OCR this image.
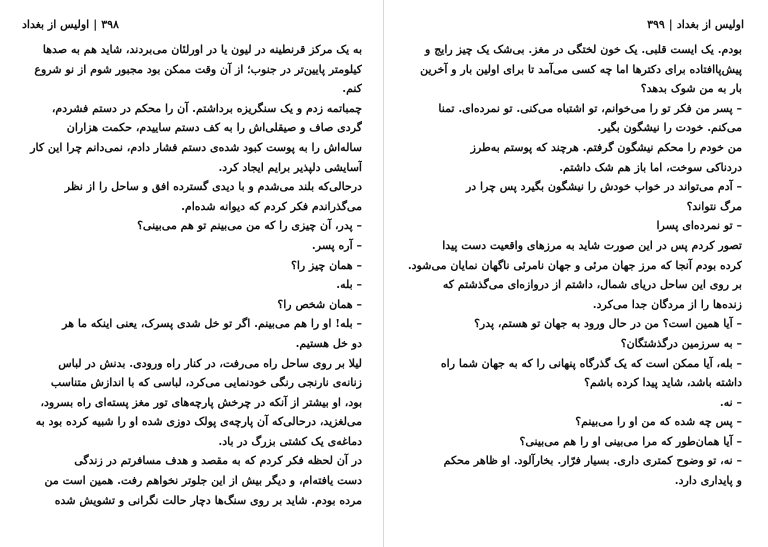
۳۹۸
|
اولیس از بغداد
به یک مرکز قرنطینه در لیون یا در اورلئان می‌بردند، شاید هم به صدها
کیلومتر پایین‌تر در جنوب؛ از آن وقت ممکن بود مجبور شوم از نو شروع
کنم.
چمباتمه زدم و یک سنگریزه برداشتم. آن را محکم در دستم فشردم،
گردی صاف و صیقلی‌اش را به کف دستم ساییدم، حکمت هزاران
ساله‌اش را به پوست کبود شده‌ی دستم فشار دادم، نمی‌دانم چرا این کار
آسایشی دلپذیر برایم ایجاد کرد.
درحالی‌که بلند می‌شدم و با دیدی گسترده افق و ساحل را از نظر
می‌گذراندم فکر کردم که دیوانه شده‌ام.
– پدر، آن چیزی را که من می‌بینم تو هم می‌بینی؟
– آره پسر.
– همان چیز را؟
– بله.
– همان شخص را؟
– بله! او را هم می‌بینم. اگر تو خل شدی پسرک، یعنی اینکه ما هر
دو خل هستیم.
لیلا بر روی ساحل راه می‌رفت، در کنار راه ورودی. بدنش در لباس
زنانه‌ی نارنجی رنگی خودنمایی می‌کرد، لباسی که با اندازش متناسب
بود، او بیشتر از آنکه در چرخش پارچه‌های تور مغز پسته‌ای راه بسرود،
می‌لغزید، درحالی‌که آن پارچه‌ی پولک دوزی شده او را شبیه کرده بود به
دماغه‌ی یک کشتی بزرگ در باد.
در آن لحظه فکر کردم که به مقصد و هدف مسافرتم در زندگی
دست یافته‌ام، و دیگر بیش از این جلوتر نخواهم رفت. همین است من
مرده بودم. شاید بر روی سنگ‌ها دچار حالت نگرانی و تشویش شده
اولیس از بغداد
|
۳۹۹
بودم. یک ایست قلبی. یک خون لختگی در مغز. بی‌شک یک چیز رایج و
پیش‌پاافتاده برای دکترها اما چه کسی می‌آمد تا برای اولین بار و آخرین
بار به من شوک بدهد؟
– پسر من فکر تو را می‌خوانم، تو اشتباه می‌کنی. تو نمرده‌ای. تمنا
می‌کنم. خودت را نیشگون بگیر.
من خودم را محکم نیشگون گرفتم. هرچند که پوستم به‌طرز
دردناکی سوخت، اما باز هم شک داشتم.
– آدم می‌تواند در خواب خودش را نیشگون بگیرد پس چرا در
مرگ نتواند؟
– تو نمرده‌ای پسرا
تصور کردم پس در این صورت شاید به مرزهای واقعیت دست پیدا
کرده بودم آنجا که مرز جهان مرئی و جهان نامرئی ناگهان نمایان می‌شود.
بر روی این ساحل دریای شمال، داشتم از دروازه‌ای می‌گذشتم که
زنده‌ها را از مردگان جدا می‌کرد.
– آیا همین است؟ من در حال ورود به جهان تو هستم، پدر؟
– به سرزمین درگذشتگان؟
– بله، آیا ممکن است که یک گذرگاه پنهانی را که به جهان شما راه
داشته باشد، شاید پیدا کرده باشم؟
– نه.
– پس چه شده که من او را می‌بینم؟
– آیا همان‌طور که مرا می‌بینی او را هم می‌بینی؟
– نه، تو وضوح کمتری داری. بسیار فرّار. بخارآلود. او ظاهر محکم
و پایداری دارد.
